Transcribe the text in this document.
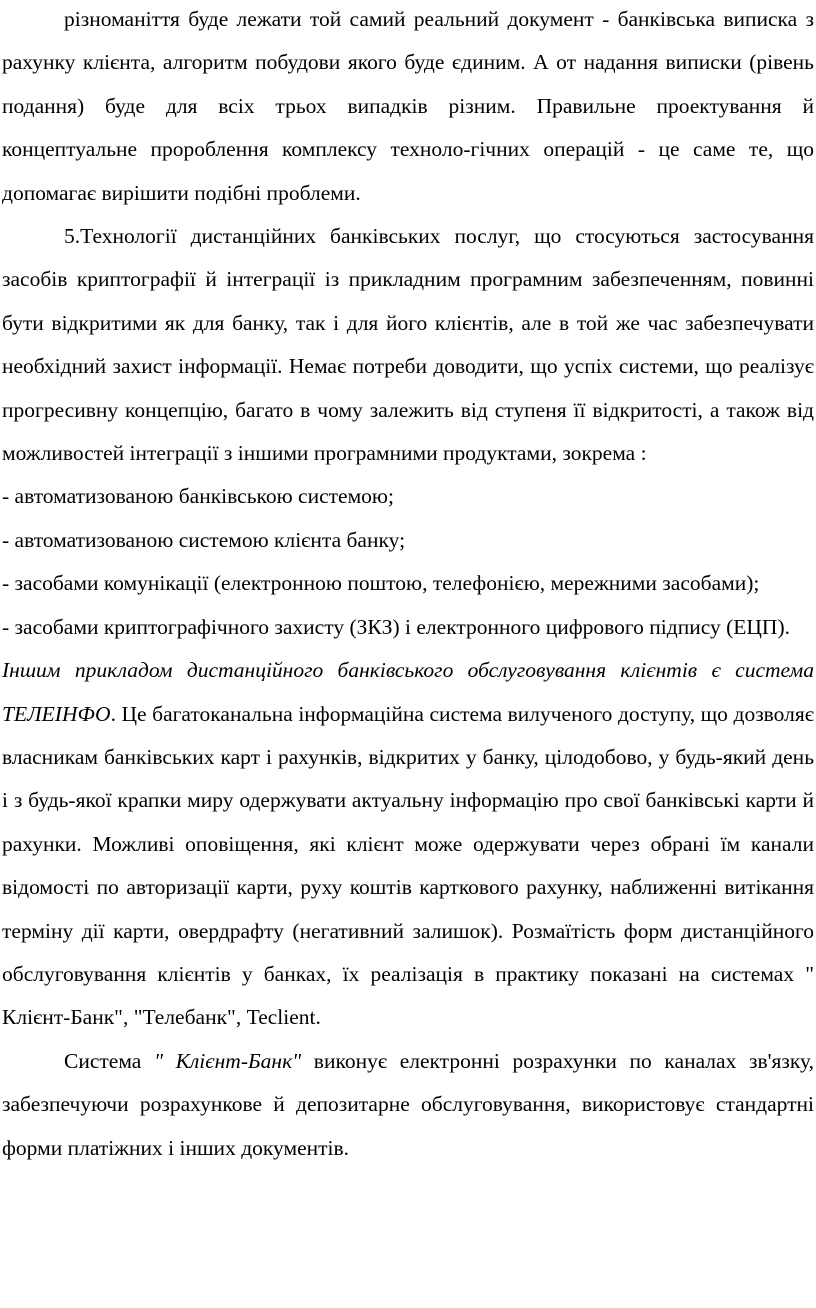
різноманіття буде лежати той самий реальний документ - банківська виписка з рахунку клієнта, алгоритм побудови якого буде єдиним. А от надання виписки (рівень подання) буде для всіх трьох випадків різним. Правильне проектування й концептуальне пророблення комплексу техноло-гічних операцій - це саме те, що допомагає вирішити подібні проблеми.

5.Технології дистанційних банківських послуг, що стосуються застосування засобів криптографії й інтеграції із прикладним програмним забезпеченням, повинні бути відкритими як для банку, так і для його клієнтів, але в той же час забезпечувати необхідний захист інформації. Немає потреби доводити, що успіх системи, що реалізує прогресивну концепцію, багато в чому залежить від ступеня її відкритості, а також від можливостей інтеграції з іншими програмними продуктами, зокрема :

- автоматизованою банківською системою;

- автоматизованою системою клієнта банку;

- засобами комунікації (електронною поштою, телефонією, мережними засобами);

- засобами криптографічного захисту (ЗКЗ) і електронного цифрового підпису (ЕЦП).

Іншим прикладом дистанційного банківського обслуговування клієнтів є система ТЕЛЕІНФО. Це багатоканальна інформаційна система вилученого доступу, що дозволяє власникам банківських карт і рахунків, відкритих у банку, цілодобово, у будь-який день і з будь-якої крапки миру одержувати актуальну інформацію про свої банківські карти й рахунки. Можливі оповіщення, які клієнт може одержувати через обрані їм канали відомості по авторизації карти, руху коштів карткового рахунку, наближенні витікання терміну дії карти, овердрафту (негативний залишок). Розмаїтість форм дистанційного обслуговування клієнтів у банках, їх реалізація в практику показані на системах " Клієнт-Банк", "Телебанк", Teclient.

Система " Клієнт-Банк" виконує електронні розрахунки по каналах зв'язку, забезпечуючи розрахункове й депозитарне обслуговування, використовує стандартні форми платіжних і інших документів.
